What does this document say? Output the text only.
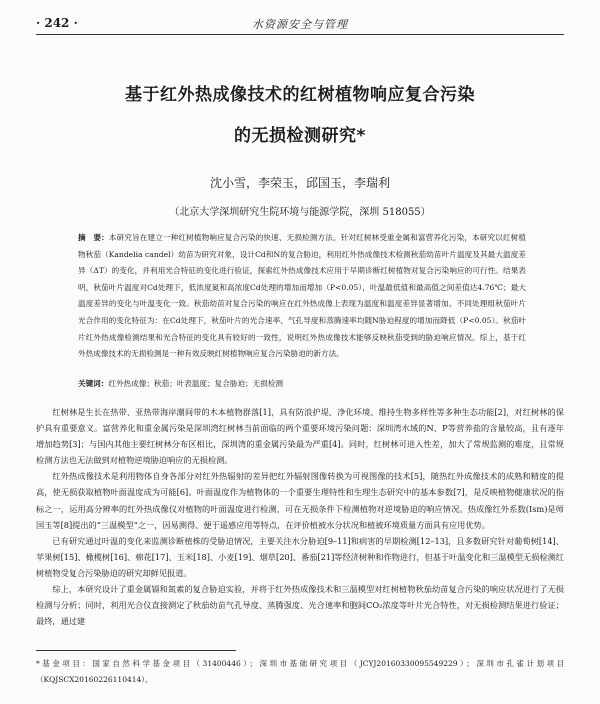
· 242 ·	水资源安全与管理
基于红外热成像技术的红树植物响应复合污染
的无损检测研究*
沈小雪，李荣玉，邱国玉，李瑞利
（北京大学深圳研究生院环境与能源学院，深圳 518055）
摘　要：本研究旨在建立一种红树植物响应复合污染的快速、无损检测方法。针对红树林受重金属和富营养化污染，本研究以红树植物秋茄（Kandelia candel）幼苗为研究对象，设计Cd和N的复合胁迫，利用红外热成像技术检测秋茄幼苗叶片温度及其最大温度差异（ΔT）的变化，并利用光合特征的变化进行验证，探索红外热成像技术应用于早期诊断红树植物对复合污染响应的可行性。结果表明，秋茄叶片温度对Cd处理下，低浓度氮和高浓度Cd处理的增加而增加（P<0.05），叶温最低值和最高值之间差值达4.76℃；最大温度差异的变化与叶温变化一致。秋茄幼苗对复合污染的响应在红外热成像上表现为温度和温度差异显著增加。不同处理组秋茄叶片光合作用的变化特征为：在Cd处理下，秋茄叶片的光合速率、气孔导度和蒸腾速率均随N胁迫程度的增加而降低（P<0.05）。秋茄叶片红外热成像检测结果和光合特征的变化具有较好的一致性，说明红外热成像技术能够反映秋茄受到的胁迫响应情况。综上，基于红外热成像技术的无损检测是一种有效反映红树植物响应复合污染胁迫的新方法。
关键词：红外热成像；秋茄；叶表温度；复合胁迫；无损检测

红树林是生长在热带、亚热带海岸潮间带的木本植物群落[1]，具有防浪护堤、净化环境、维持生物多样性等多种生态功能[2]，对红树林的保护具有重要意义。富营养化和重金属污染是深圳湾红树林当前面临的两个重要环境污染问题：深圳湾水域的N、P等营养盐的含量较高，且有逐年增加趋势[3]；与国内其他主要红树林分布区相比，深圳湾的重金属污染最为严重[4]。同时，红树林可进入性差，加大了常规监测的难度，且常规检测方法也无法做到对植物逆境胁迫响应的无损检测。

红外热成像技术是利用物体自身各部分对红外热辐射的差异把红外辐射图像转换为可视图像的技术[5]，随热红外成像技术的成熟和精度的提高，使无损获取植物叶面温度成为可能[6]。叶面温度作为植物体的一个重要生理特性和生理生态研究中的基本参数[7]，是反映植物健康状况的指标之一，运用高分辨率的红外热成像仪对植物的叶面温度进行检测，可在无损条件下检测植物对逆境胁迫的响应情况。热成像红外系数(Ism)是师国玉等[8]提出的“三温模型”之一，因易测得、便于遥感应用等特点，在评价植被水分状况和植被环境质量方面具有应用优势。

已有研究通过叶温的变化来监测诊断植株的受胁迫情况，主要关注水分胁迫[9–11]和病害的早期检测[12–13]，且多数研究针对葡萄树[14]、苹果树[15]、橄榄树[16]、棉花[17]、玉米[18]、小麦[19]、烟草[20]、番茄[21]等经济树种和作物进行，但基于叶温变化和三温模型无损检测红树植物受复合污染胁迫的研究却鲜见报道。

综上，本研究设计了重金属镉和氮素的复合胁迫实验，并将于红外热成像技术和三温模型对红树植物秋茄幼苗复合污染的响应状况进行了无损检测与分析；同时，利用光合仪直接测定了秋茄幼苗气孔导度、蒸腾强度、光合速率和胞间CO₂浓度等叶片光合特性，对无损检测结果进行验证；最终，通过建

*基金项目：国家自然科学基金项目（31400446）；深圳市基础研究项目（JCYJ20160330095549229）；深圳市孔雀计划项目（KQJSCX20160226110414）。
